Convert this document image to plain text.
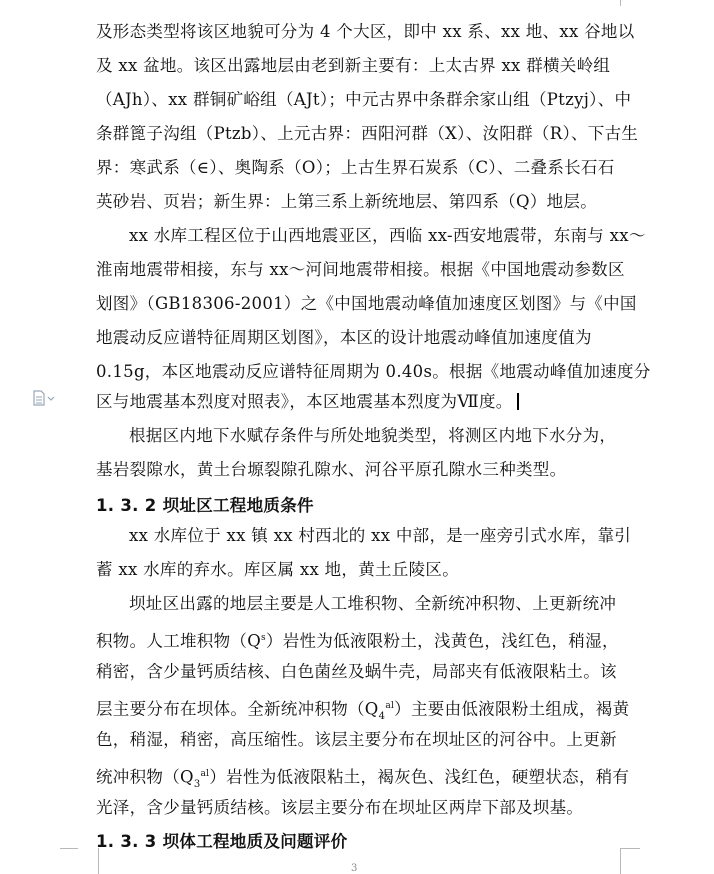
及形态类型将该区地貌可分为 4 个大区，即中 xx 系、xx 地、xx 谷地以
及 xx 盆地。该区出露地层由老到新主要有：上太古界 xx 群横关岭组
（AJh）、xx 群铜矿峪组（AJt）；中元古界中条群余家山组（Ptzyj）、中
条群篦子沟组（Ptzb）、上元古界：西阳河群（X）、汝阳群（R）、下古生
界：寒武系（∈）、奥陶系（O）；上古生界石炭系（C）、二叠系长石石
英砂岩、页岩；新生界：上第三系上新统地层、第四系（Q）地层。
xx 水库工程区位于山西地震亚区，西临 xx-西安地震带，东南与 xx～
淮南地震带相接，东与 xx～河间地震带相接。根据《中国地震动参数区
划图》（GB18306-2001）之《中国地震动峰值加速度区划图》与《中国
地震动反应谱特征周期区划图》，本区的设计地震动峰值加速度值为
0.15g，本区地震动反应谱特征周期为 0.40s。根据《地震动峰值加速度分
区与地震基本烈度对照表》，本区地震基本烈度为Ⅶ度。
根据区内地下水赋存条件与所处地貌类型，将测区内地下水分为，
基岩裂隙水，黄土台塬裂隙孔隙水、河谷平原孔隙水三种类型。
1. 3. 2 坝址区工程地质条件
xx 水库位于 xx 镇 xx 村西北的 xx 中部，是一座旁引式水库，靠引
蓄 xx 水库的弃水。库区属 xx 地，黄土丘陵区。
坝址区出露的地层主要是人工堆积物、全新统冲积物、上更新统冲
积物。人工堆积物$(Q^s)$岩性为低液限粉土，浅黄色，浅红色，稍湿，
稍密，含少量钙质结核、白色菌丝及蜗牛壳，局部夹有低液限粘土。该
层主要分布在坝体。全新统冲积物$(Q_4^{al})$主要由低液限粉土组成，褐黄
色，稍湿，稍密，高压缩性。该层主要分布在坝址区的河谷中。上更新
统冲积物$(Q_3^{al})$岩性为低液限粘土，褐灰色、浅红色，硬塑状态，稍有
光泽，含少量钙质结核。该层主要分布在坝址区两岸下部及坝基。
1. 3. 3 坝体工程地质及问题评价
3
